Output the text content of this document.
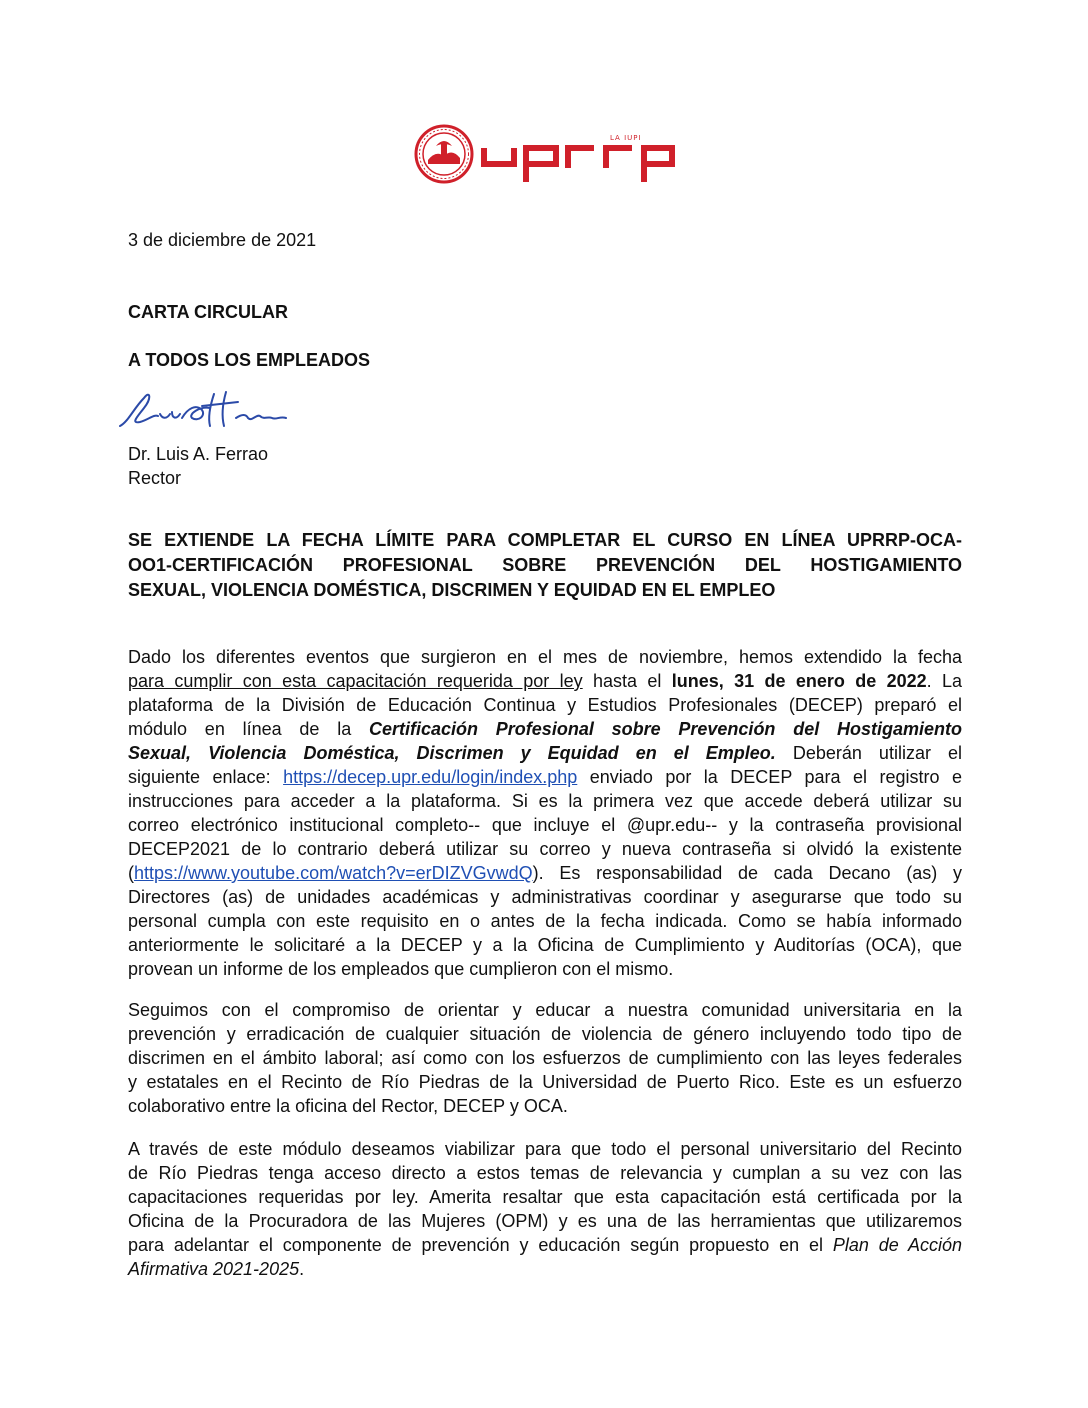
LA IUPI
3 de diciembre de 2021
CARTA CIRCULAR
A TODOS LOS EMPLEADOS
Dr. Luis A. Ferrao
Rector
SE EXTIENDE LA FECHA LÍMITE PARA COMPLETAR EL CURSO EN LÍNEA UPRRP-OCA-
OO1-CERTIFICACIÓN PROFESIONAL SOBRE PREVENCIÓN DEL HOSTIGAMIENTO
SEXUAL, VIOLENCIA DOMÉSTICA, DISCRIMEN Y EQUIDAD EN EL EMPLEO
Dado los diferentes eventos que surgieron en el mes de noviembre, hemos extendido la fecha
para cumplir con esta capacitación requerida por ley hasta el lunes, 31 de enero de 2022. La
plataforma de la División de Educación Continua y Estudios Profesionales (DECEP) preparó el
módulo en línea de la Certificación Profesional sobre Prevención del Hostigamiento
Sexual, Violencia Doméstica, Discrimen y Equidad en el Empleo. Deberán utilizar el
siguiente enlace: https://decep.upr.edu/login/index.php enviado por la DECEP para el registro e
instrucciones para acceder a la plataforma. Si es la primera vez que accede deberá utilizar su
correo electrónico institucional completo-- que incluye el @upr.edu-- y la contraseña provisional
DECEP2021 de lo contrario deberá utilizar su correo y nueva contraseña si olvidó la existente
(https://www.youtube.com/watch?v=erDIZVGvwdQ). Es responsabilidad de cada Decano (as) y
Directores (as) de unidades académicas y administrativas coordinar y asegurarse que todo su
personal cumpla con este requisito en o antes de la fecha indicada. Como se había informado
anteriormente le solicitaré a la DECEP y a la Oficina de Cumplimiento y Auditorías (OCA), que
provean un informe de los empleados que cumplieron con el mismo.
Seguimos con el compromiso de orientar y educar a nuestra comunidad universitaria en la
prevención y erradicación de cualquier situación de violencia de género incluyendo todo tipo de
discrimen en el ámbito laboral; así como con los esfuerzos de cumplimiento con las leyes federales
y estatales en el Recinto de Río Piedras de la Universidad de Puerto Rico. Este es un esfuerzo
colaborativo entre la oficina del Rector, DECEP y OCA.
A través de este módulo deseamos viabilizar para que todo el personal universitario del Recinto
de Río Piedras tenga acceso directo a estos temas de relevancia y cumplan a su vez con las
capacitaciones requeridas por ley. Amerita resaltar que esta capacitación está certificada por la
Oficina de la Procuradora de las Mujeres (OPM) y es una de las herramientas que utilizaremos
para adelantar el componente de prevención y educación según propuesto en el Plan de Acción
Afirmativa 2021-2025.
